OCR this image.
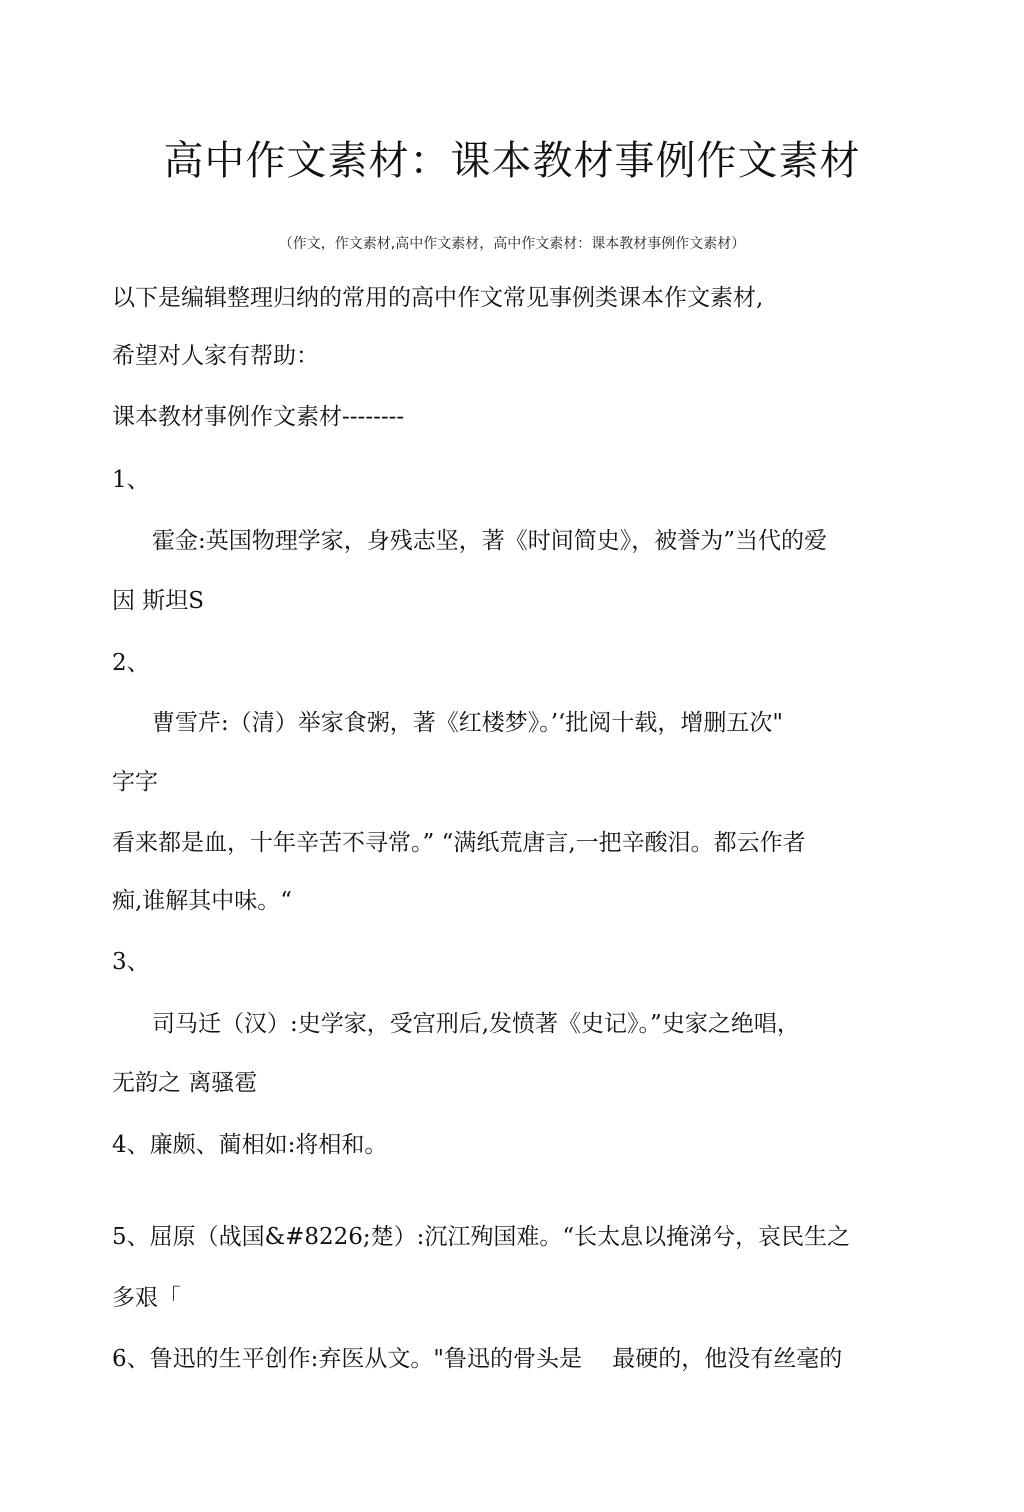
高中作文素材：课本教材事例作文素材
（作文，作文素材,高中作文素材，高中作文素材：课本教材事例作文素材）
以下是编辑整理归纳的常用的高中作文常见事例类课本作文素材,
希望对人家有帮助：
课本教材事例作文素材--------
1、
霍金:英国物理学家，身残志坚，著《时间简史》，被誉为”当代的爱
因 斯坦S
2、
曹雪芹:（清）举家食粥，著《红楼梦》。’‘批阅十载，增删五次"
字字
看来都是血，十年辛苦不寻常。” “满纸荒唐言,一把辛酸泪。都云作者
痴,谁解其中味。“
3、
司马迁（汉）:史学家，受宫刑后,发愤著《史记》。”史家之绝唱，
无韵之 离骚雹
4、廉颇、蔺相如:将相和。
5、屈原（战国&#8226;楚）:沉江殉国难。“长太息以掩涕兮，哀民生之
多艰「
6、鲁迅的生平创作:弃医从文。"鲁迅的骨头是　 最硬的，他没有丝毫的
